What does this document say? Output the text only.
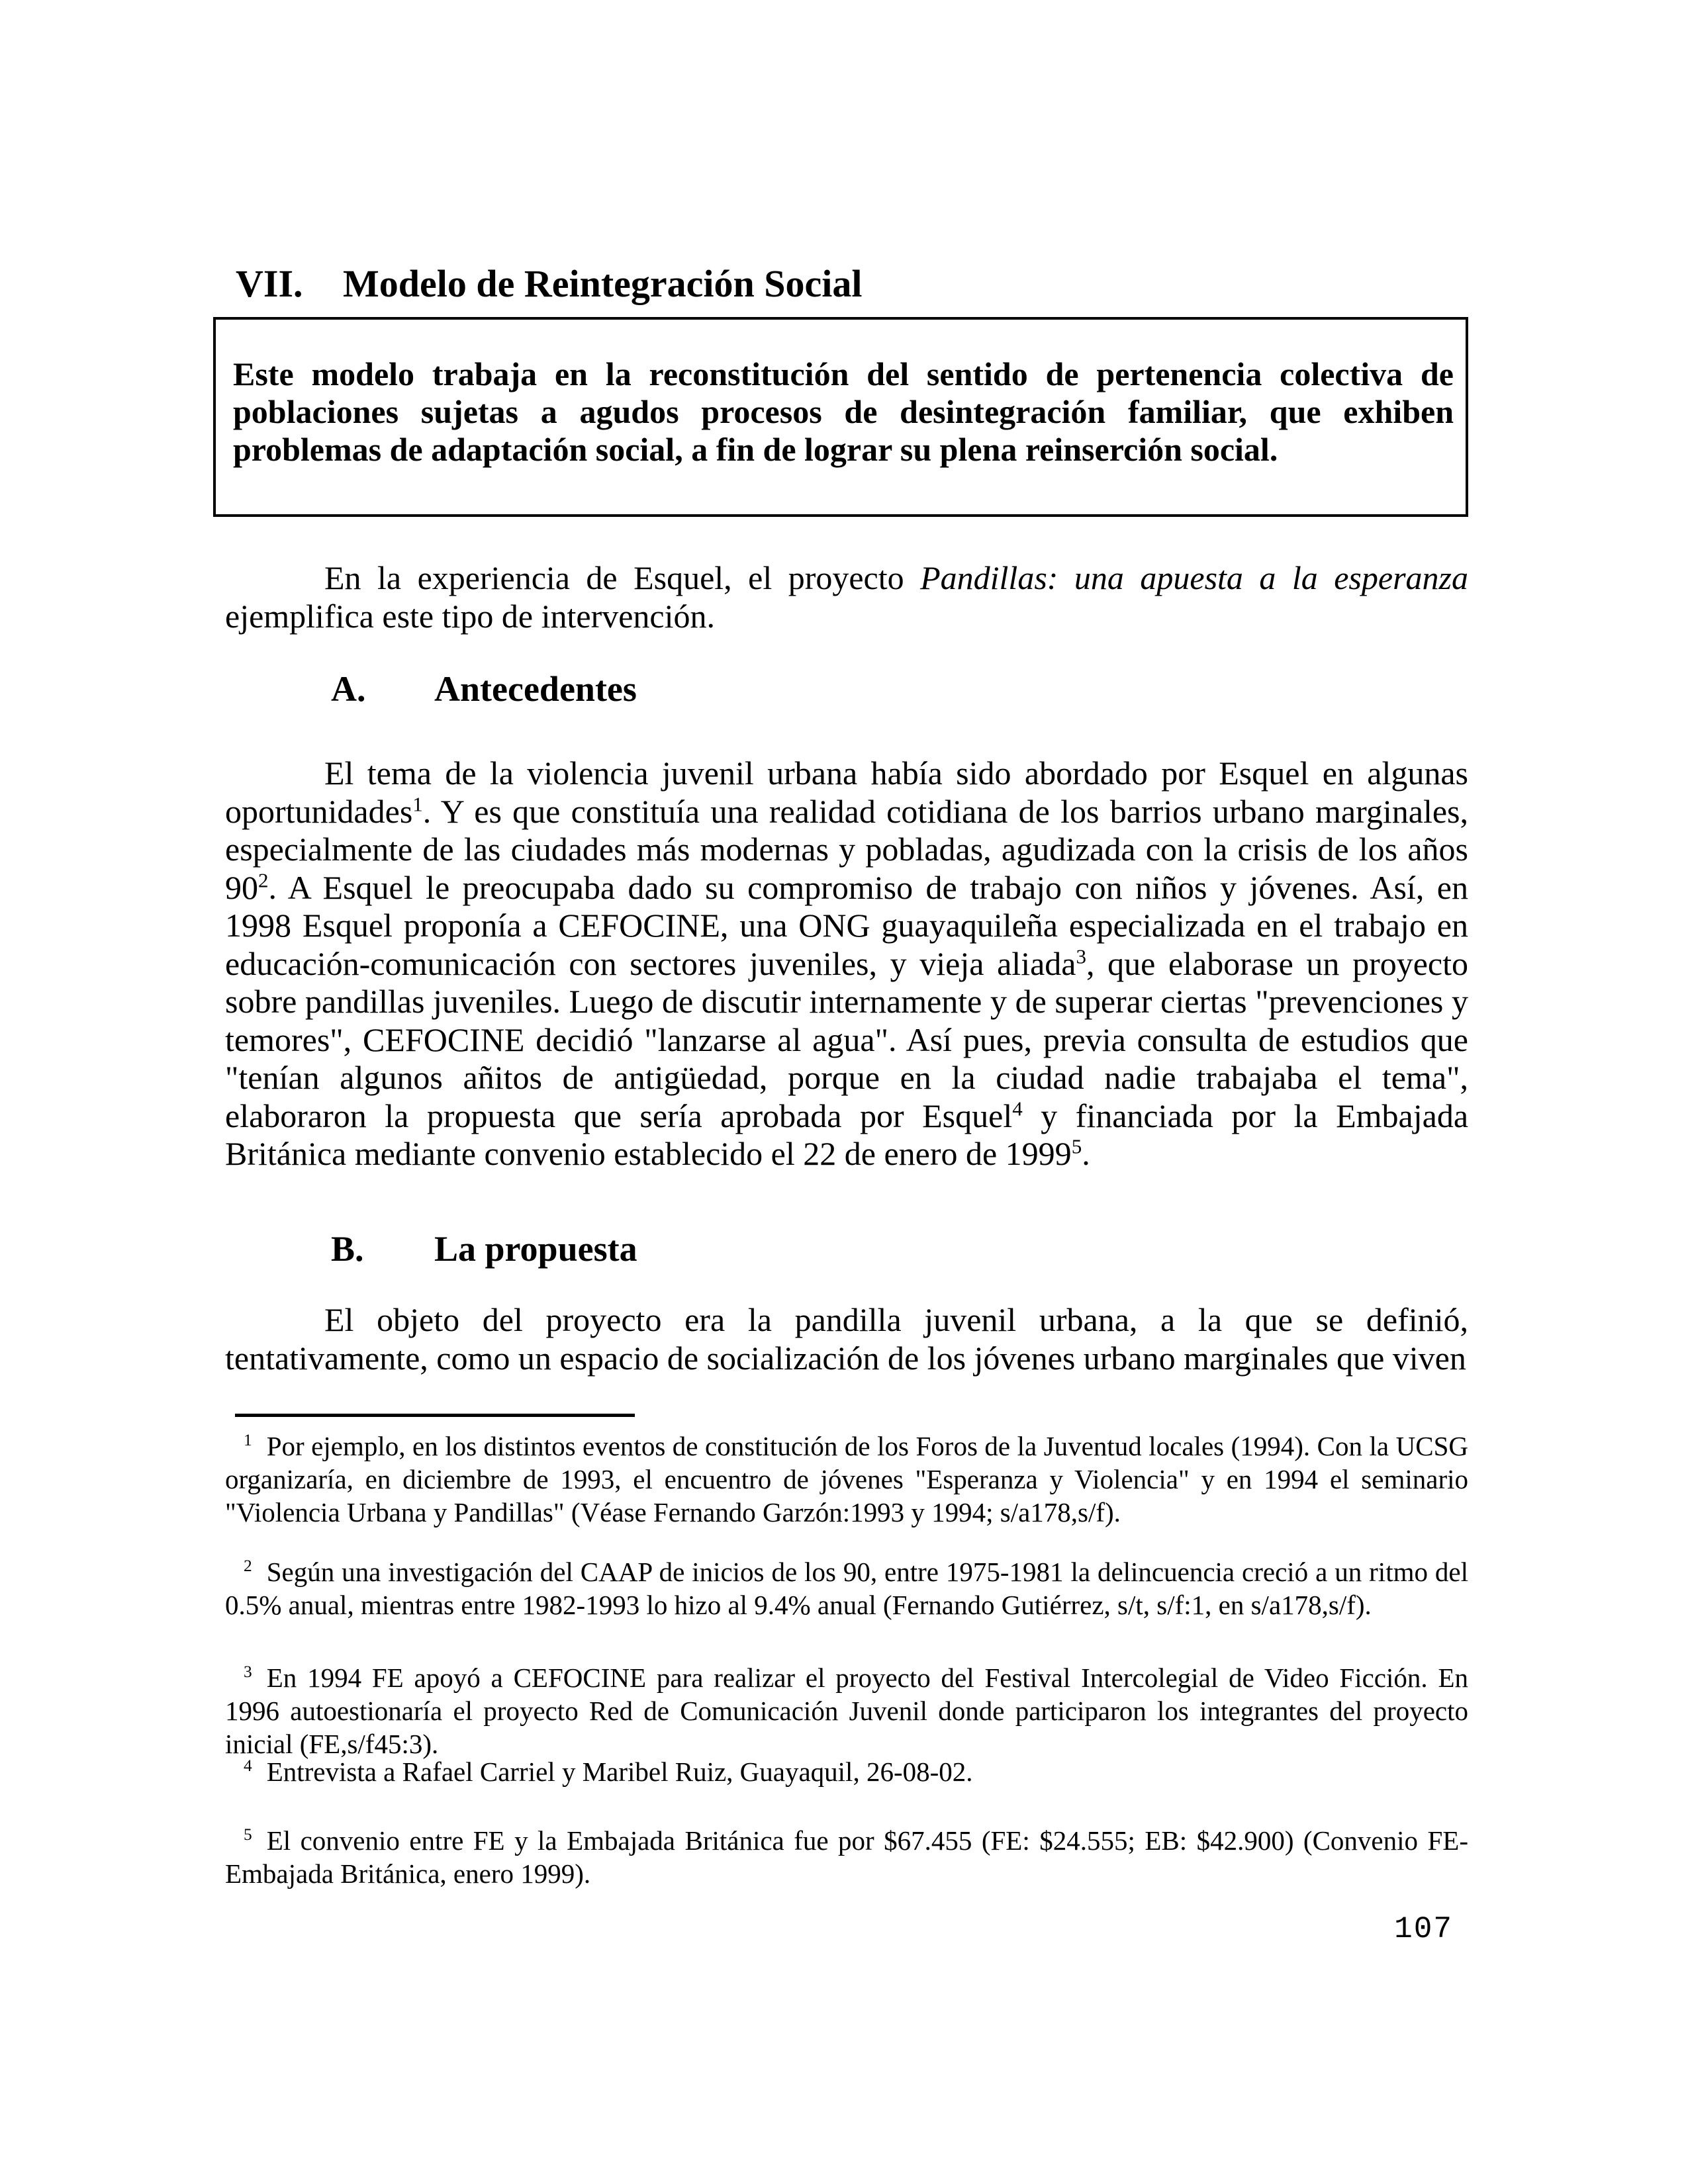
VII. Modelo de Reintegración Social

Este modelo trabaja en la reconstitución del sentido de pertenencia colectiva de poblaciones sujetas a agudos procesos de desintegración familiar, que exhiben problemas de adaptación social, a fin de lograr su plena reinserción social.

En la experiencia de Esquel, el proyecto Pandillas: una apuesta a la esperanza ejemplifica este tipo de intervención.

A. Antecedentes

El tema de la violencia juvenil urbana había sido abordado por Esquel en algunas oportunidades$^1$. Y es que constituía una realidad cotidiana de los barrios urbano marginales, especialmente de las ciudades más modernas y pobladas, agudizada con la crisis de los años $90^2$. A Esquel le preocupaba dado su compromiso de trabajo con niños y jóvenes. Así, en 1998 Esquel proponía a CEFOCINE, una ONG guayaquileña especializada en el trabajo en educación-comunicación con sectores juveniles, y vieja aliada$^3$, que elaborase un proyecto sobre pandillas juveniles. Luego de discutir internamente y de superar ciertas "prevenciones y temores", CEFOCINE decidió "lanzarse al agua". Así pues, previa consulta de estudios que "tenían algunos añitos de antigüedad, porque en la ciudad nadie trabajaba el tema", elaboraron la propuesta que sería aprobada por Esquel$^4$ y financiada por la Embajada Británica mediante convenio establecido el 22 de enero de 1999$^5$.

B. La propuesta

El objeto del proyecto era la pandilla juvenil urbana, a la que se definió, tentativamente, como un espacio de socialización de los jóvenes urbano marginales que viven

$^1$ Por ejemplo, en los distintos eventos de constitución de los Foros de la Juventud locales (1994). Con la UCSG organizaría, en diciembre de 1993, el encuentro de jóvenes "Esperanza y Violencia" y en 1994 el seminario "Violencia Urbana y Pandillas" (Véase Fernando Garzón:1993 y 1994; s/a178,s/f).

$^2$ Según una investigación del CAAP de inicios de los 90, entre 1975-1981 la delincuencia creció a un ritmo del 0.5% anual, mientras entre 1982-1993 lo hizo al 9.4% anual (Fernando Gutiérrez, s/t, s/f:1, en s/a178,s/f).

$^3$ En 1994 FE apoyó a CEFOCINE para realizar el proyecto del Festival Intercolegial de Video Ficción. En 1996 autoestionaría el proyecto Red de Comunicación Juvenil donde participaron los integrantes del proyecto inicial (FE,s/f45:3).

$^4$ Entrevista a Rafael Carriel y Maribel Ruiz, Guayaquil, 26-08-02.

$^5$ El convenio entre FE y la Embajada Británica fue por $67.455 (FE: $24.555; EB: $42.900) (Convenio FE-Embajada Británica, enero 1999).

107
